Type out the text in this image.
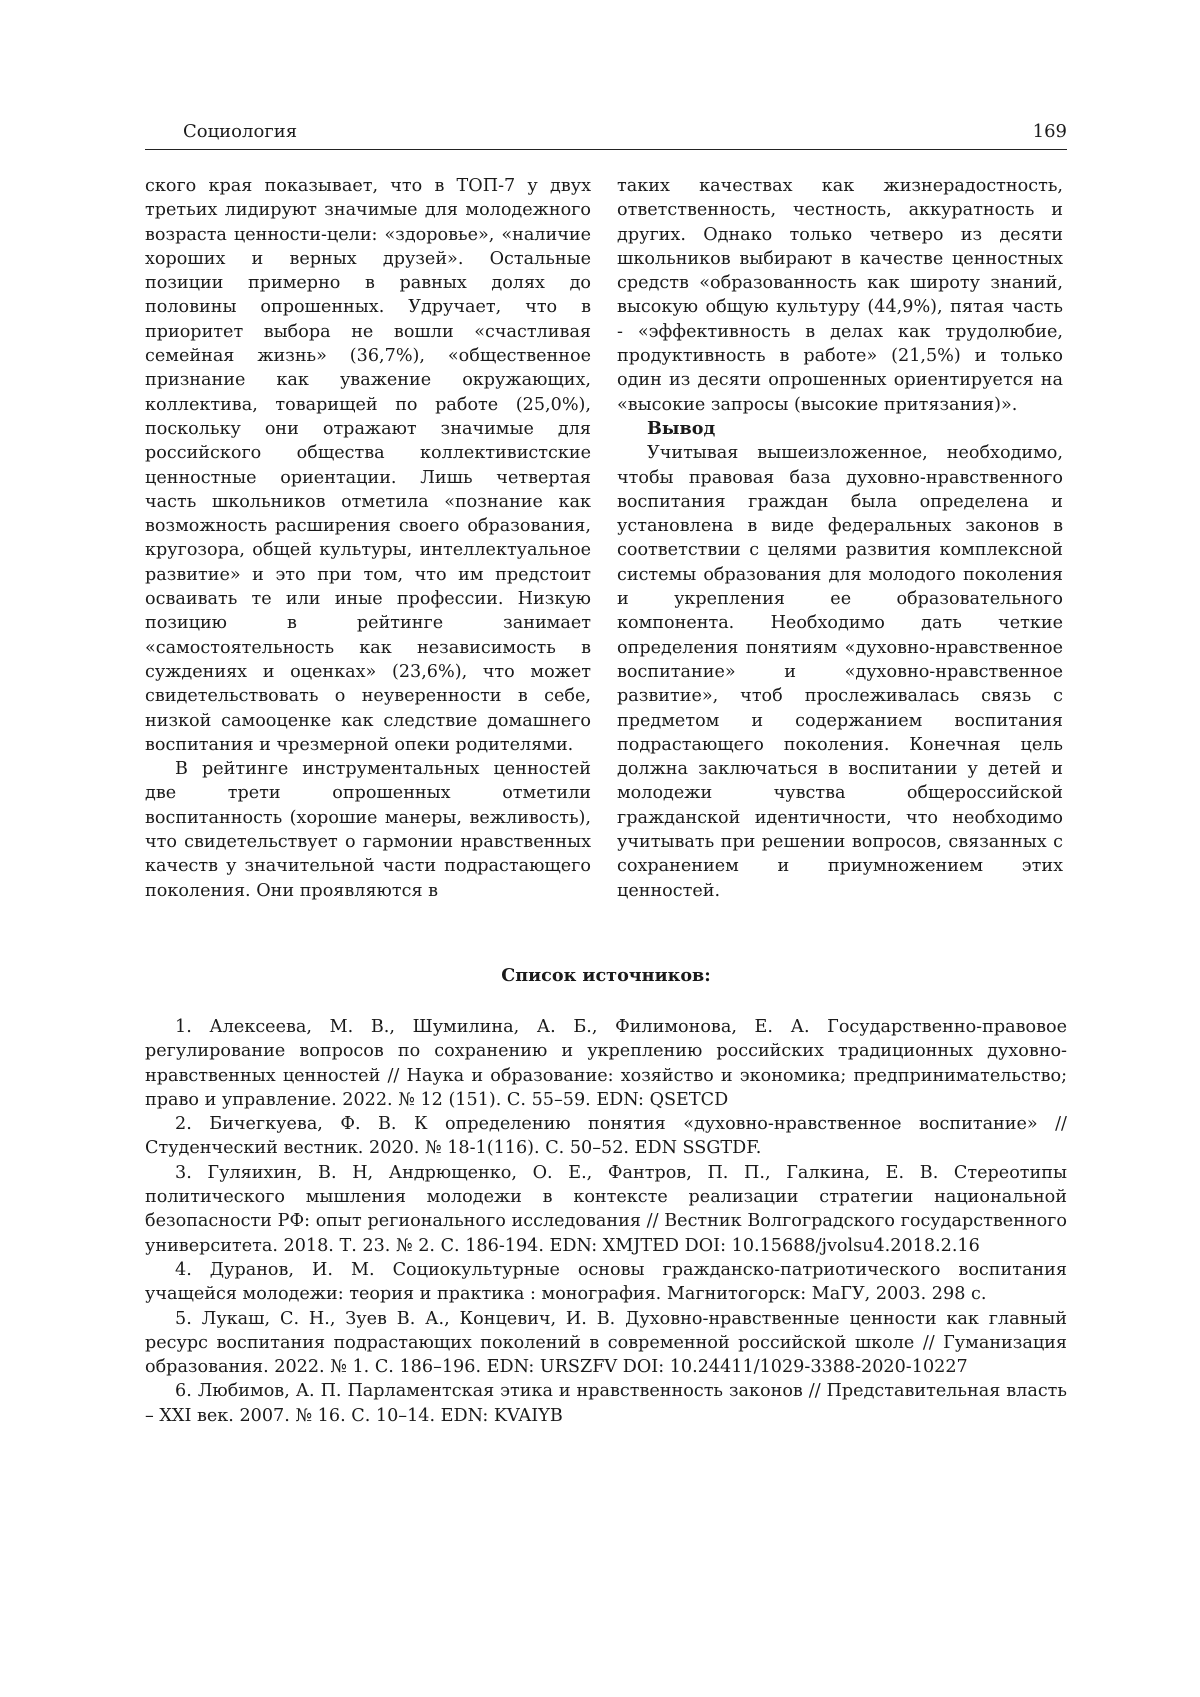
Социология	169

ского края показывает, что в ТОП-7 у двух третьих лидируют значимые для молодежного возраста ценности-цели: «здоровье», «наличие хороших и верных друзей». Остальные позиции примерно в равных долях до половины опрошенных. Удручает, что в приоритет выбора не вошли «счастливая семейная жизнь» (36,7%), «общественное признание как уважение окружающих, коллектива, товарищей по работе (25,0%), поскольку они отражают значимые для российского общества коллективистские ценностные ориентации. Лишь четвертая часть школьников отметила «познание как возможность расширения своего образования, кругозора, общей культуры, интеллектуальное развитие» и это при том, что им предстоит осваивать те или иные профессии. Низкую позицию в рейтинге занимает «самостоятельность как независимость в суждениях и оценках» (23,6%), что может свидетельствовать о неуверенности в себе, низкой самооценке как следствие домашнего воспитания и чрезмерной опеки родителями.

В рейтинге инструментальных ценностей две трети опрошенных отметили воспитанность (хорошие манеры, вежливость), что свидетельствует о гармонии нравственных качеств у значительной части подрастающего поколения. Они проявляются в

таких качествах как жизнерадостность, ответственность, честность, аккуратность и других. Однако только четверо из десяти школьников выбирают в качестве ценностных средств «образованность как широту знаний, высокую общую культуру (44,9%), пятая часть - «эффективность в делах как трудолюбие, продуктивность в работе» (21,5%) и только один из десяти опрошенных ориентируется на «высокие запросы (высокие притязания)».

Вывод

Учитывая вышеизложенное, необходимо, чтобы правовая база духовно-нравственного воспитания граждан была определена и установлена в виде федеральных законов в соответствии с целями развития комплексной системы образования для молодого поколения и укрепления ее образовательного компонента. Необходимо дать четкие определения понятиям «духовно-нравственное воспитание» и «духовно-нравственное развитие», чтоб прослеживалась связь с предметом и содержанием воспитания подрастающего поколения. Конечная цель должна заключаться в воспитании у детей и молодежи чувства общероссийской гражданской идентичности, что необходимо учитывать при решении вопросов, связанных с сохранением и приумножением этих ценностей.

Список источников:

1. Алексеева, М. В., Шумилина, А. Б., Филимонова, Е. А. Государственно-правовое регулирование вопросов по сохранению и укреплению российских традиционных духовно-нравственных ценностей // Наука и образование: хозяйство и экономика; предпринимательство; право и управление. 2022. № 12 (151). С. 55–59. EDN: QSETCD

2. Бичегкуева, Ф. В. К определению понятия «духовно-нравственное воспитание» // Студенческий вестник. 2020. № 18-1(116). С. 50–52. EDN SSGTDF.

3. Гуляихин, В. Н, Андрющенко, О. Е., Фантров, П. П., Галкина, Е. В. Стереотипы политического мышления молодежи в контексте реализации стратегии национальной безопасности РФ: опыт регионального исследования // Вестник Волгоградского государственного университета. 2018. Т. 23. № 2. С. 186-194. EDN: XMJTED DOI: 10.15688/jvolsu4.2018.2.16

4. Дуранов, И. М. Социокультурные основы гражданско-патриотического воспитания учащейся молодежи: теория и практика : монография. Магнитогорск: МаГУ, 2003. 298 с.

5. Лукаш, С. Н., Зуев В. А., Концевич, И. В. Духовно-нравственные ценности как главный ресурс воспитания подрастающих поколений в современной российской школе // Гуманизация образования. 2022. № 1. С. 186–196. EDN: URSZFV DOI: 10.24411/1029-3388-2020-10227

6. Любимов, А. П. Парламентская этика и нравственность законов // Представительная власть – XXI век. 2007. № 16. С. 10–14. EDN: KVAIYB
